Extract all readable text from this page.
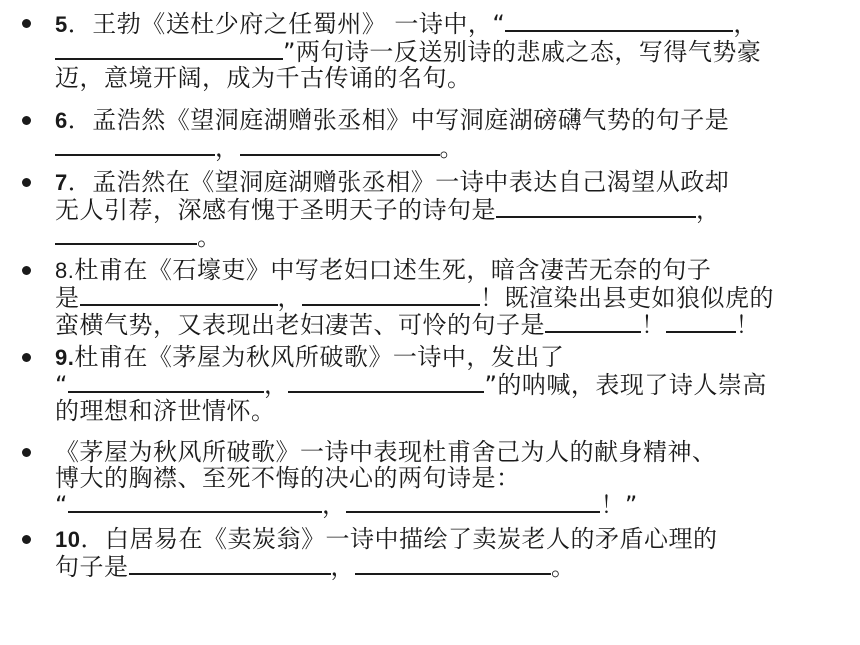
5．王勃《送杜少府之任蜀州》 一诗中，“	，
”两句诗一反送别诗的悲戚之态，写得气势豪
迈，意境开阔，成为千古传诵的名句。
6．孟浩然《望洞庭湖赠张丞相》中写洞庭湖磅礴气势的句子是
，	。
7．孟浩然在《望洞庭湖赠张丞相》一诗中表达自己渴望从政却
无人引荐，深感有愧于圣明天子的诗句是	，
。
8.杜甫在《石壕吏》中写老妇口述生死，暗含凄苦无奈的句子
是	，	！既渲染出县吏如狼似虎的
蛮横气势，又表现出老妇凄苦、可怜的句子是	！	！
9.杜甫在《茅屋为秋风所破歌》一诗中，发出了
“	，	”的呐喊，表现了诗人崇高
的理想和济世情怀。
《茅屋为秋风所破歌》一诗中表现杜甫舍己为人的献身精神、
博大的胸襟、至死不悔的决心的两句诗是：
“	，	！”
10．白居易在《卖炭翁》一诗中描绘了卖炭老人的矛盾心理的
句子是	，	。
